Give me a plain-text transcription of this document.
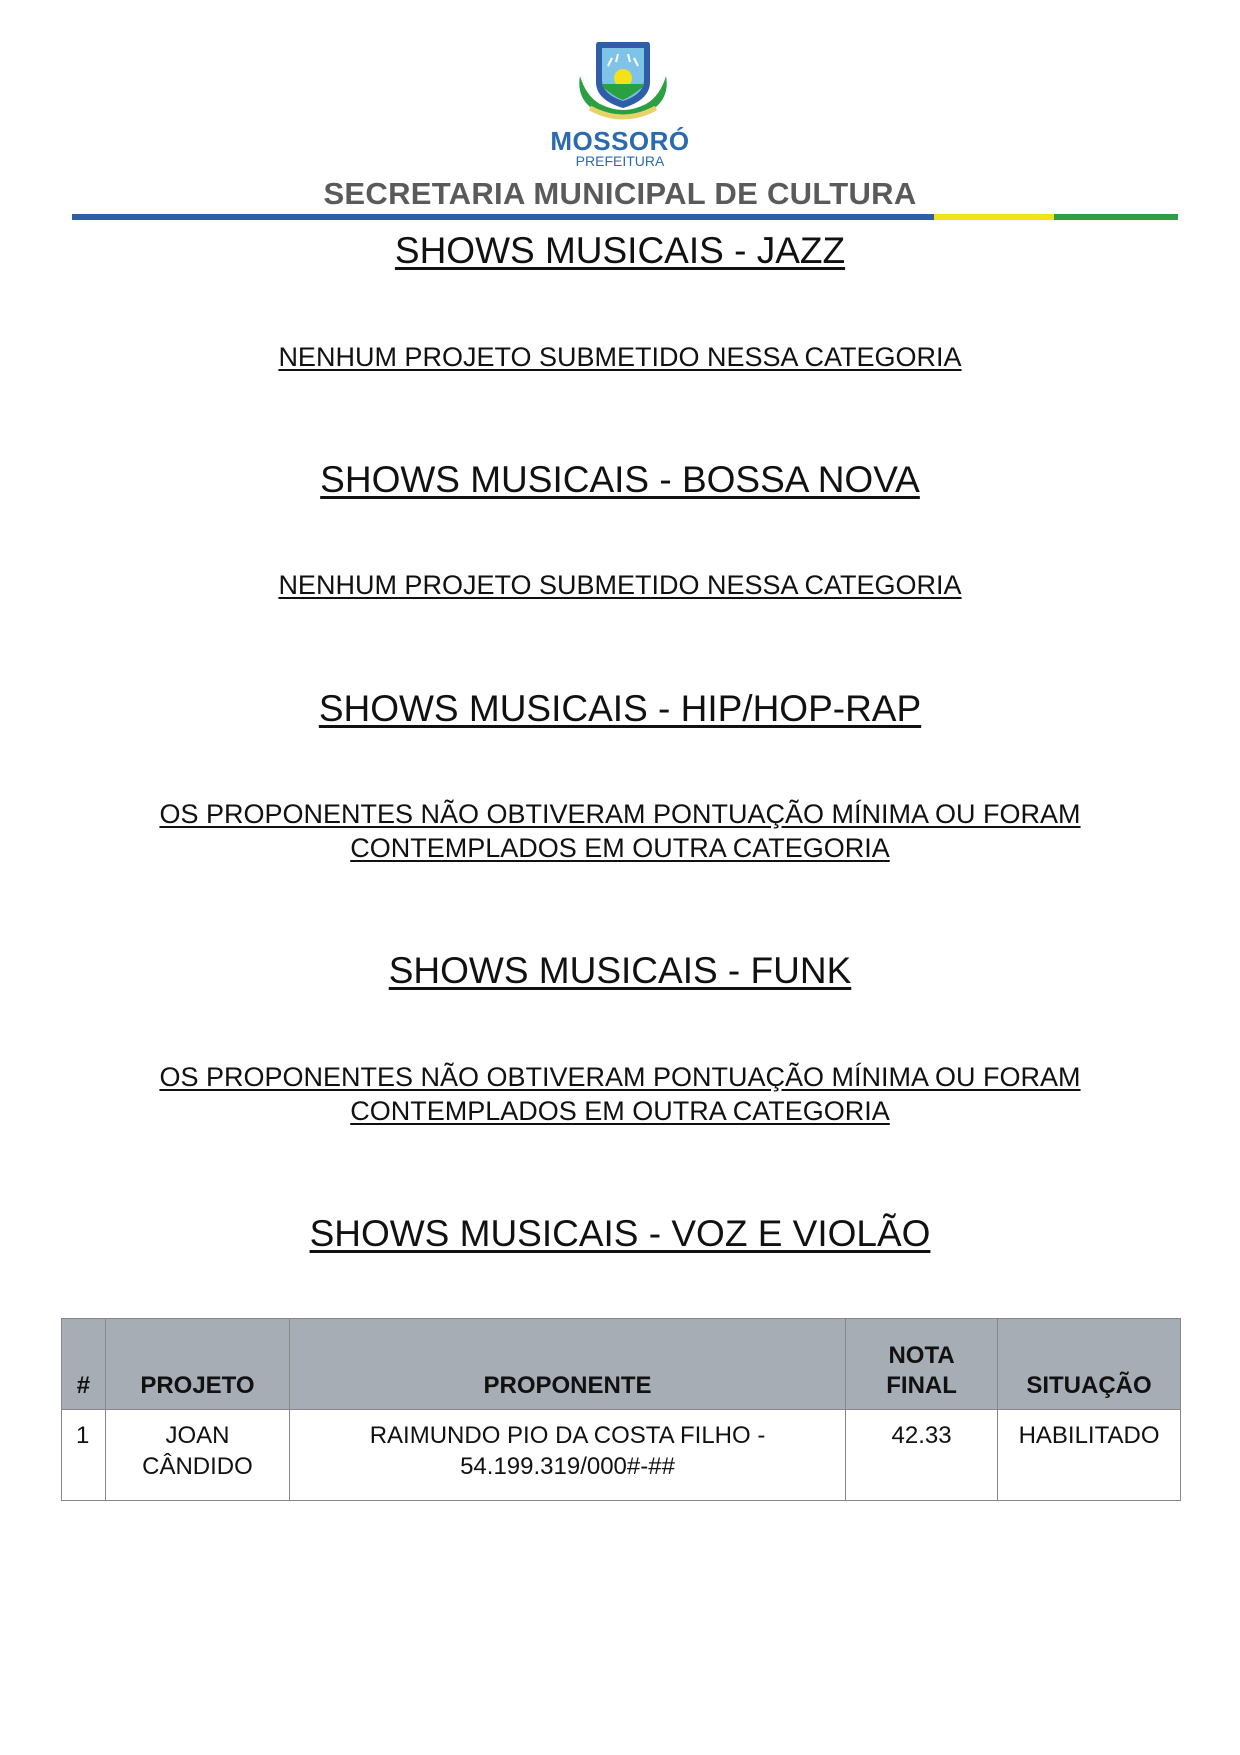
MOSSORÓ
PREFEITURA
SECRETARIA MUNICIPAL DE CULTURA
SHOWS MUSICAIS - JAZZ
NENHUM PROJETO SUBMETIDO NESSA CATEGORIA
SHOWS MUSICAIS - BOSSA NOVA
NENHUM PROJETO SUBMETIDO NESSA CATEGORIA
SHOWS MUSICAIS - HIP/HOP-RAP
OS PROPONENTES NÃO OBTIVERAM PONTUAÇÃO MÍNIMA OU FORAM CONTEMPLADOS EM OUTRA CATEGORIA
SHOWS MUSICAIS - FUNK
OS PROPONENTES NÃO OBTIVERAM PONTUAÇÃO MÍNIMA OU FORAM CONTEMPLADOS EM OUTRA CATEGORIA
SHOWS MUSICAIS - VOZ E VIOLÃO
#	PROJETO	PROPONENTE	NOTA FINAL	SITUAÇÃO
1	JOAN CÂNDIDO	RAIMUNDO PIO DA COSTA FILHO - 54.199.319/000#-##	42.33	HABILITADO
